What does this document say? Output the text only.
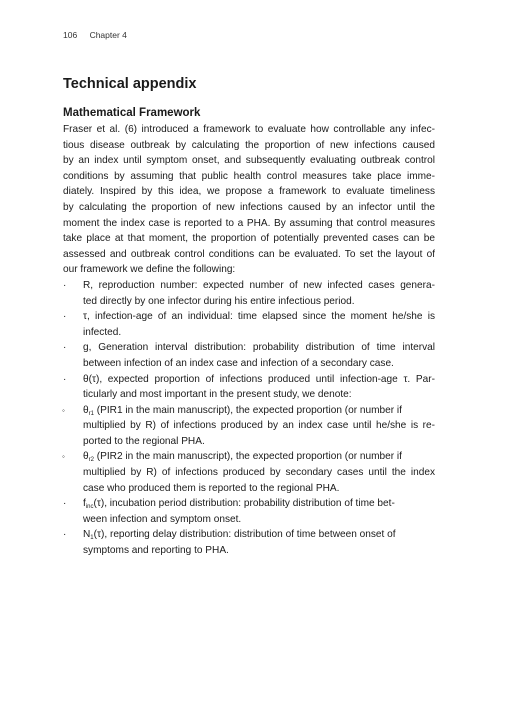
106 Chapter 4
Technical appendix
Mathematical Framework
Fraser et al. (6) introduced a framework to evaluate how controllable any infec-
tious disease outbreak by calculating the proportion of new infections caused
by an index until symptom onset, and subsequently evaluating outbreak control
conditions by assuming that public health control measures take place imme-
diately. Inspired by this idea, we propose a framework to evaluate timeliness
by calculating the proportion of new infections caused by an infector until the
moment the index case is reported to a PHA. By assuming that control measures
take place at that moment, the proportion of potentially prevented cases can be
assessed and outbreak control conditions can be evaluated. To set the layout of
our framework we define the following:
· R, reproduction number: expected number of new infected cases genera-
ted directly by one infector during his entire infectious period.
· τ, infection-age of an individual: time elapsed since the moment he/she is
infected.
· g, Generation interval distribution: probability distribution of time interval
between infection of an index case and infection of a secondary case.
· θ(τ), expected proportion of infections produced until infection-age τ. Par-
ticularly and most important in the present study, we denote:
◦ $\theta_{r1}$ (PIR1 in the main manuscript), the expected proportion (or number if
multiplied by R) of infections produced by an index case until he/she is re-
ported to the regional PHA.
◦ $\theta_{r2}$ (PIR2 in the main manuscript), the expected proportion (or number if
multiplied by R) of infections produced by secondary cases until the index
case who produced them is reported to the regional PHA.
· $f_{inc}(\tau)$, incubation period distribution: probability distribution of time bet-
ween infection and symptom onset.
· $N_1(\tau)$, reporting delay distribution: distribution of time between onset of
symptoms and reporting to PHA.
